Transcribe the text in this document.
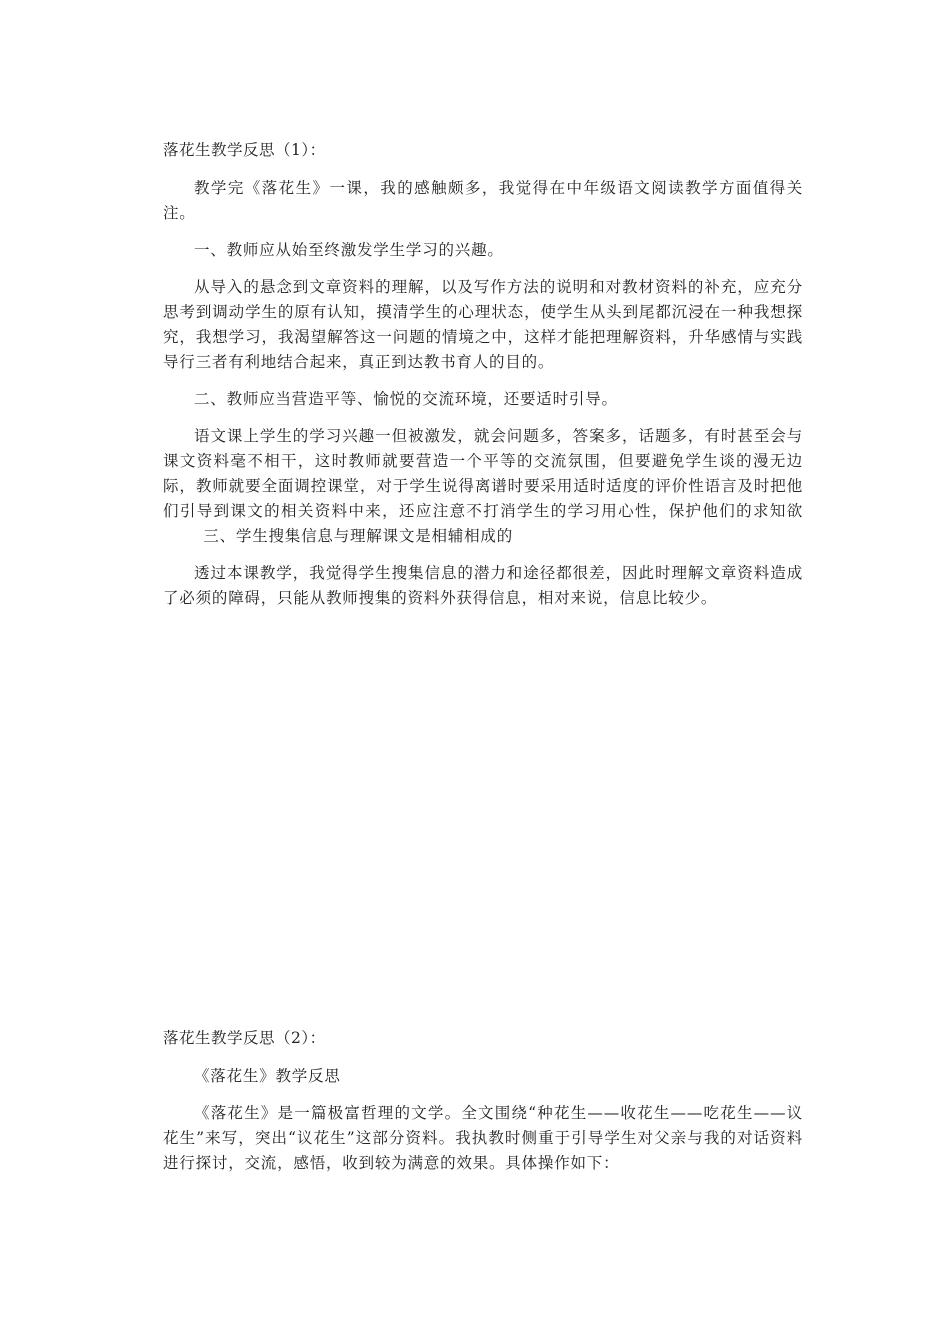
落花生教学反思（1）：

教学完《落花生》一课，我的感触颇多，我觉得在中年级语文阅读教学方面值得关注。

一、教师应从始至终激发学生学习的兴趣。

从导入的悬念到文章资料的理解，以及写作方法的说明和对教材资料的补充，应充分思考到调动学生的原有认知，摸清学生的心理状态，使学生从头到尾都沉浸在一种我想探究，我想学习，我渴望解答这一问题的情境之中，这样才能把理解资料，升华感情与实践导行三者有利地结合起来，真正到达教书育人的目的。

二、教师应当营造平等、愉悦的交流环境，还要适时引导。

语文课上学生的学习兴趣一但被激发，就会问题多，答案多，话题多，有时甚至会与课文资料毫不相干，这时教师就要营造一个平等的交流氛围，但要避免学生谈的漫无边际，教师就要全面调控课堂，对于学生说得离谱时要采用适时适度的评价性语言及时把他们引导到课文的相关资料中来，还应注意不打消学生的学习用心性，保护他们的求知欲三、学生搜集信息与理解课文是相辅相成的

透过本课教学，我觉得学生搜集信息的潜力和途径都很差，因此时理解文章资料造成了必须的障碍，只能从教师搜集的资料外获得信息，相对来说，信息比较少。

落花生教学反思（2）：

《落花生》教学反思

《落花生》是一篇极富哲理的文学。全文围绕“种花生——收花生——吃花生——议花生”来写，突出“议花生”这部分资料。我执教时侧重于引导学生对父亲与我的对话资料进行探讨，交流，感悟，收到较为满意的效果。具体操作如下：
